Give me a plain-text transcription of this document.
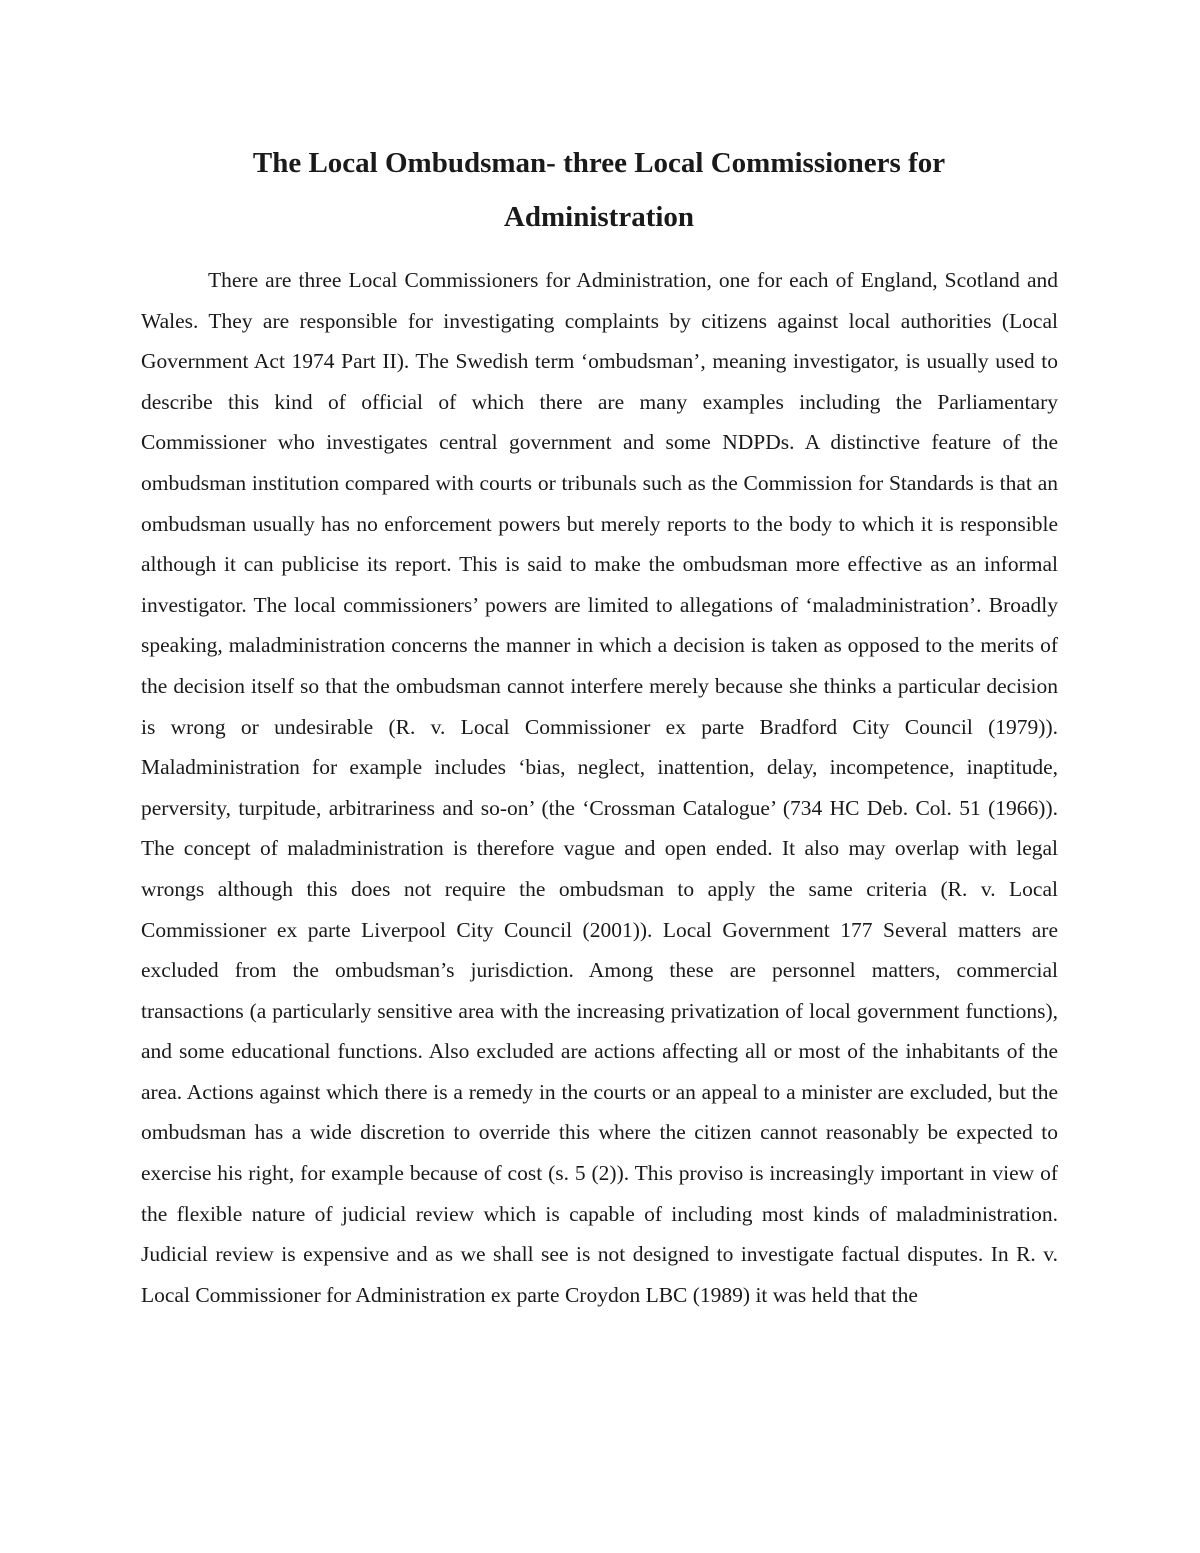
The Local Ombudsman- three Local Commissioners for
Administration

There are three Local Commissioners for Administration, one for each of England, Scotland and Wales. They are responsible for investigating complaints by citizens against local authorities (Local Government Act 1974 Part II). The Swedish term ‘ombudsman’, meaning investigator, is usually used to describe this kind of official of which there are many examples including the Parliamentary Commissioner who investigates central government and some NDPDs. A distinctive feature of the ombudsman institution compared with courts or tribunals such as the Commission for Standards is that an ombudsman usually has no enforcement powers but merely reports to the body to which it is responsible although it can publicise its report. This is said to make the ombudsman more effective as an informal investigator. The local commissioners’ powers are limited to allegations of ‘maladministration’. Broadly speaking, maladministration concerns the manner in which a decision is taken as opposed to the merits of the decision itself so that the ombudsman cannot interfere merely because she thinks a particular decision is wrong or undesirable (R. v. Local Commissioner ex parte Bradford City Council (1979)). Maladministration for example includes ‘bias, neglect, inattention, delay, incompetence, inaptitude, perversity, turpitude, arbitrariness and so-on’ (the ‘Crossman Catalogue’ (734 HC Deb. Col. 51 (1966)). The concept of maladministration is therefore vague and open ended. It also may overlap with legal wrongs although this does not require the ombudsman to apply the same criteria (R. v. Local Commissioner ex parte Liverpool City Council (2001)). Local Government 177 Several matters are excluded from the ombudsman’s jurisdiction. Among these are personnel matters, commercial transactions (a particularly sensitive area with the increasing privatization of local government functions), and some educational functions. Also excluded are actions affecting all or most of the inhabitants of the area. Actions against which there is a remedy in the courts or an appeal to a minister are excluded, but the ombudsman has a wide discretion to override this where the citizen cannot reasonably be expected to exercise his right, for example because of cost (s. 5 (2)). This proviso is increasingly important in view of the flexible nature of judicial review which is capable of including most kinds of maladministration. Judicial review is expensive and as we shall see is not designed to investigate factual disputes. In R. v. Local Commissioner for Administration ex parte Croydon LBC (1989) it was held that the
